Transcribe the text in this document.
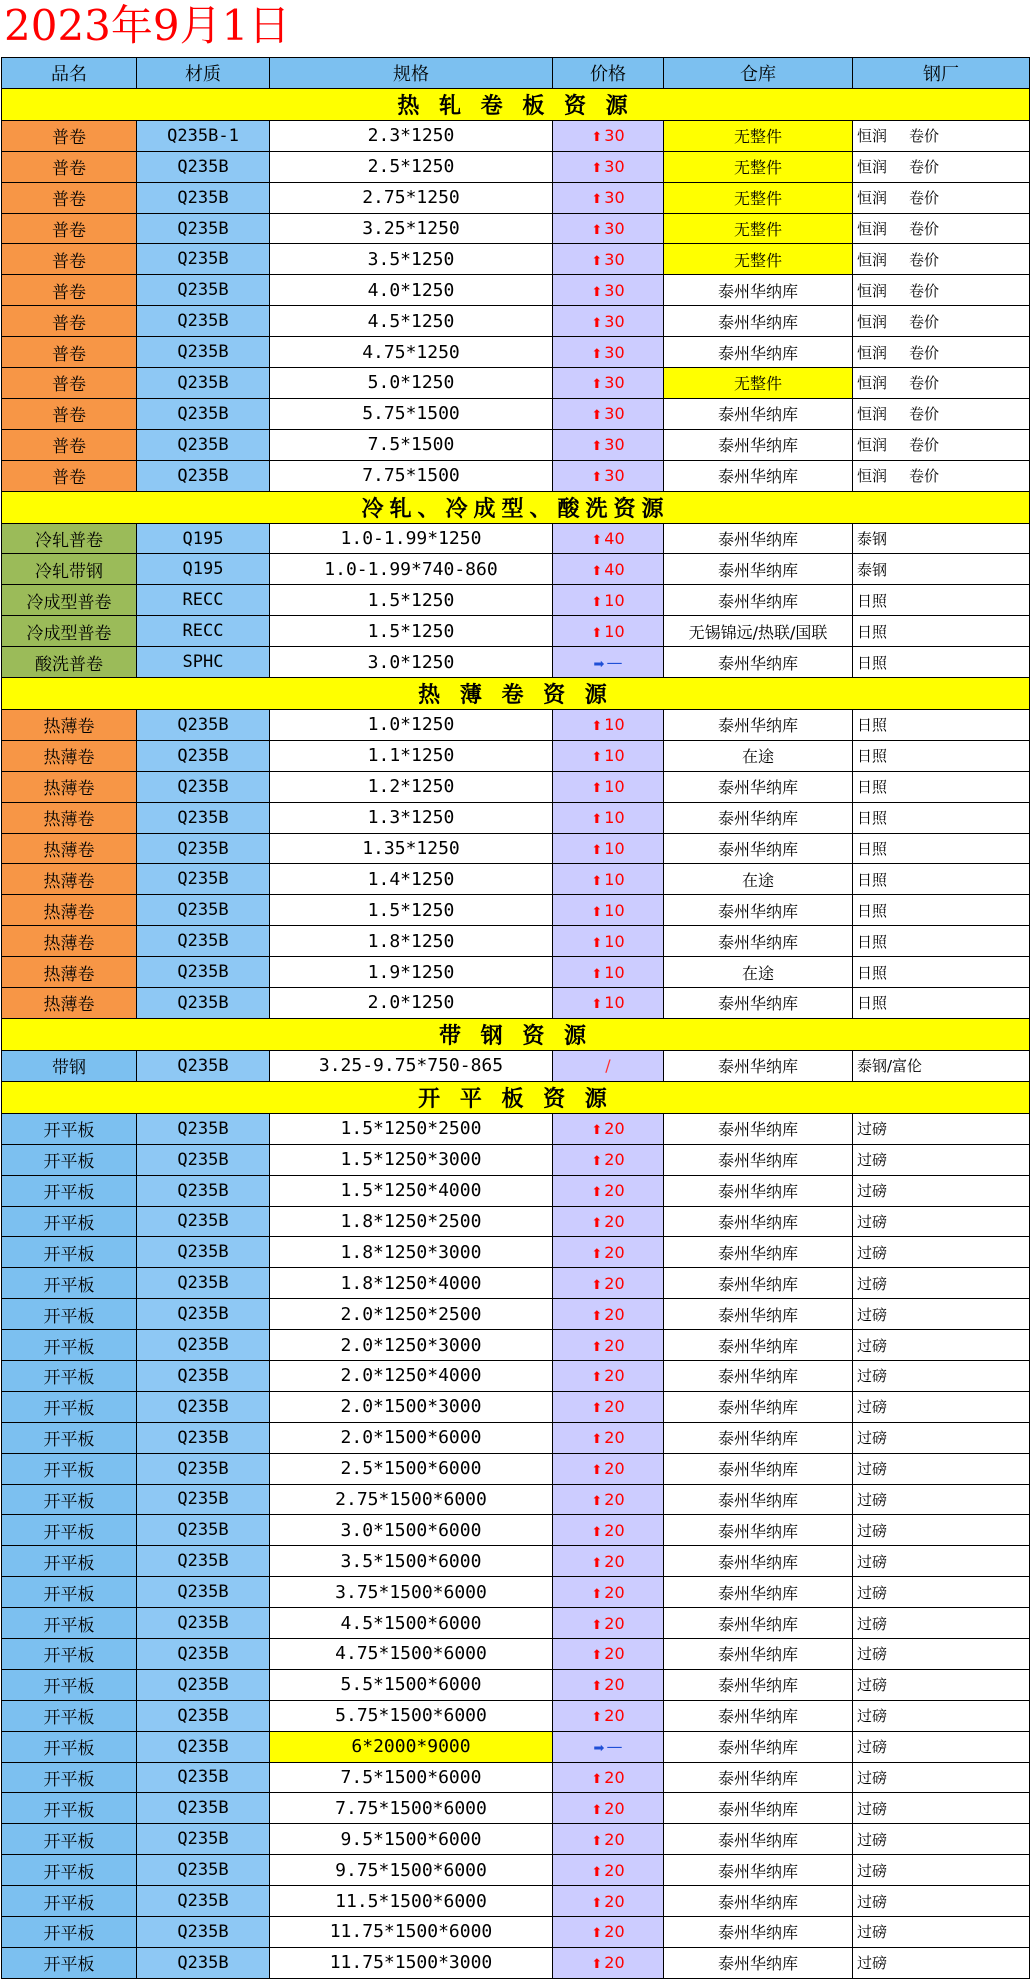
2023年9月1日
品名	材质	规格	价格	仓库	钢厂
热 轧 卷 板 资 源					
普卷	Q235B-1	2.3*1250	⬆ 30	无整件	恒润 卷价
普卷	Q235B	2.5*1250	⬆ 30	无整件	恒润 卷价
普卷	Q235B	2.75*1250	⬆ 30	无整件	恒润 卷价
普卷	Q235B	3.25*1250	⬆ 30	无整件	恒润 卷价
普卷	Q235B	3.5*1250	⬆ 30	无整件	恒润 卷价
普卷	Q235B	4.0*1250	⬆ 30	泰州华纳库	恒润 卷价
普卷	Q235B	4.5*1250	⬆ 30	泰州华纳库	恒润 卷价
普卷	Q235B	4.75*1250	⬆ 30	泰州华纳库	恒润 卷价
普卷	Q235B	5.0*1250	⬆ 30	无整件	恒润 卷价
普卷	Q235B	5.75*1500	⬆ 30	泰州华纳库	恒润 卷价
普卷	Q235B	7.5*1500	⬆ 30	泰州华纳库	恒润 卷价
普卷	Q235B	7.75*1500	⬆ 30	泰州华纳库	恒润 卷价
冷轧、冷成型、酸洗资源					
冷轧普卷	Q195	1.0-1.99*1250	⬆ 40	泰州华纳库	泰钢
冷轧带钢	Q195	1.0-1.99*740-860	⬆ 40	泰州华纳库	泰钢
冷成型普卷	RECC	1.5*1250	⬆ 10	泰州华纳库	日照
冷成型普卷	RECC	1.5*1250	⬆ 10	无锡锦远/热联/国联	日照
酸洗普卷	SPHC	3.0*1250	➡ —	泰州华纳库	日照
热 薄 卷 资 源					
热薄卷	Q235B	1.0*1250	⬆ 10	泰州华纳库	日照
热薄卷	Q235B	1.1*1250	⬆ 10	在途	日照
热薄卷	Q235B	1.2*1250	⬆ 10	泰州华纳库	日照
热薄卷	Q235B	1.3*1250	⬆ 10	泰州华纳库	日照
热薄卷	Q235B	1.35*1250	⬆ 10	泰州华纳库	日照
热薄卷	Q235B	1.4*1250	⬆ 10	在途	日照
热薄卷	Q235B	1.5*1250	⬆ 10	泰州华纳库	日照
热薄卷	Q235B	1.8*1250	⬆ 10	泰州华纳库	日照
热薄卷	Q235B	1.9*1250	⬆ 10	在途	日照
热薄卷	Q235B	2.0*1250	⬆ 10	泰州华纳库	日照
带 钢 资 源					
带钢	Q235B	3.25-9.75*750-865	/	泰州华纳库	泰钢/富伦
开 平 板 资 源					
开平板	Q235B	1.5*1250*2500	⬆ 20	泰州华纳库	过磅
开平板	Q235B	1.5*1250*3000	⬆ 20	泰州华纳库	过磅
开平板	Q235B	1.5*1250*4000	⬆ 20	泰州华纳库	过磅
开平板	Q235B	1.8*1250*2500	⬆ 20	泰州华纳库	过磅
开平板	Q235B	1.8*1250*3000	⬆ 20	泰州华纳库	过磅
开平板	Q235B	1.8*1250*4000	⬆ 20	泰州华纳库	过磅
开平板	Q235B	2.0*1250*2500	⬆ 20	泰州华纳库	过磅
开平板	Q235B	2.0*1250*3000	⬆ 20	泰州华纳库	过磅
开平板	Q235B	2.0*1250*4000	⬆ 20	泰州华纳库	过磅
开平板	Q235B	2.0*1500*3000	⬆ 20	泰州华纳库	过磅
开平板	Q235B	2.0*1500*6000	⬆ 20	泰州华纳库	过磅
开平板	Q235B	2.5*1500*6000	⬆ 20	泰州华纳库	过磅
开平板	Q235B	2.75*1500*6000	⬆ 20	泰州华纳库	过磅
开平板	Q235B	3.0*1500*6000	⬆ 20	泰州华纳库	过磅
开平板	Q235B	3.5*1500*6000	⬆ 20	泰州华纳库	过磅
开平板	Q235B	3.75*1500*6000	⬆ 20	泰州华纳库	过磅
开平板	Q235B	4.5*1500*6000	⬆ 20	泰州华纳库	过磅
开平板	Q235B	4.75*1500*6000	⬆ 20	泰州华纳库	过磅
开平板	Q235B	5.5*1500*6000	⬆ 20	泰州华纳库	过磅
开平板	Q235B	5.75*1500*6000	⬆ 20	泰州华纳库	过磅
开平板	Q235B	6*2000*9000	➡ —	泰州华纳库	过磅
开平板	Q235B	7.5*1500*6000	⬆ 20	泰州华纳库	过磅
开平板	Q235B	7.75*1500*6000	⬆ 20	泰州华纳库	过磅
开平板	Q235B	9.5*1500*6000	⬆ 20	泰州华纳库	过磅
开平板	Q235B	9.75*1500*6000	⬆ 20	泰州华纳库	过磅
开平板	Q235B	11.5*1500*6000	⬆ 20	泰州华纳库	过磅
开平板	Q235B	11.75*1500*6000	⬆ 20	泰州华纳库	过磅
开平板	Q235B	11.75*1500*3000	⬆ 20	泰州华纳库	过磅
